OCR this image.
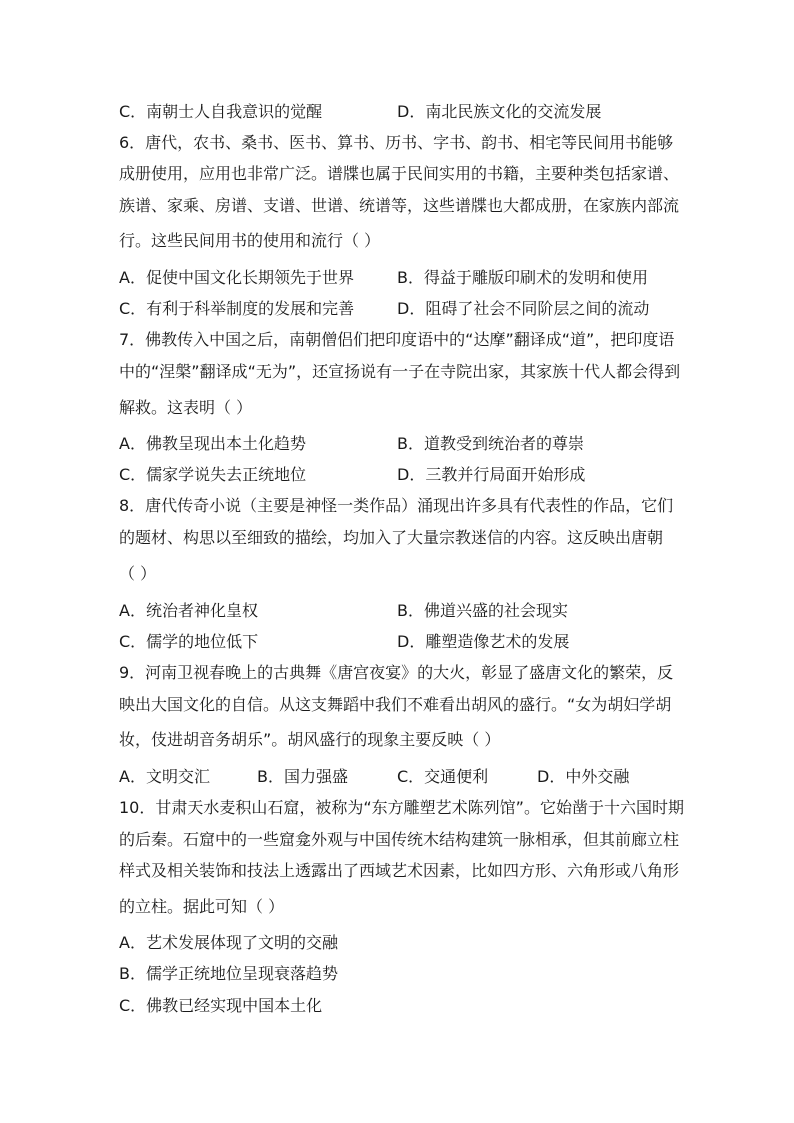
C．南朝士人自我意识的觉醒	D．南北民族文化的交流发展
6．唐代，农书、桑书、医书、算书、历书、字书、韵书、相宅等民间用书能够
成册使用，应用也非常广泛。谱牒也属于民间实用的书籍，主要种类包括家谱、
族谱、家乘、房谱、支谱、世谱、统谱等，这些谱牒也大都成册，在家族内部流
行。这些民间用书的使用和流行（ ）
A．促使中国文化长期领先于世界	B．得益于雕版印刷术的发明和使用
C．有利于科举制度的发展和完善	D．阻碍了社会不同阶层之间的流动
7．佛教传入中国之后，南朝僧侣们把印度语中的“达摩”翻译成“道”，把印度语
中的“涅槃”翻译成“无为”，还宣扬说有一子在寺院出家，其家族十代人都会得到
解救。这表明（ ）
A．佛教呈现出本土化趋势	B．道教受到统治者的尊崇
C．儒家学说失去正统地位	D．三教并行局面开始形成
8．唐代传奇小说（主要是神怪一类作品）涌现出许多具有代表性的作品，它们
的题材、构思以至细致的描绘，均加入了大量宗教迷信的内容。这反映出唐朝
（ ）
A．统治者神化皇权	B．佛道兴盛的社会现实
C．儒学的地位低下	D．雕塑造像艺术的发展
9．河南卫视春晚上的古典舞《唐宫夜宴》的大火，彰显了盛唐文化的繁荣，反
映出大国文化的自信。从这支舞蹈中我们不难看出胡风的盛行。“女为胡妇学胡
妆，伎进胡音务胡乐”。胡风盛行的现象主要反映（ ）
A．文明交汇	B．国力强盛	C．交通便利	D．中外交融
10．甘肃天水麦积山石窟，被称为“东方雕塑艺术陈列馆”。它始凿于十六国时期
的后秦。石窟中的一些窟龛外观与中国传统木结构建筑一脉相承，但其前廊立柱
样式及相关装饰和技法上透露出了西域艺术因素，比如四方形、六角形或八角形
的立柱。据此可知（ ）
A．艺术发展体现了文明的交融
B．儒学正统地位呈现衰落趋势
C．佛教已经实现中国本土化
